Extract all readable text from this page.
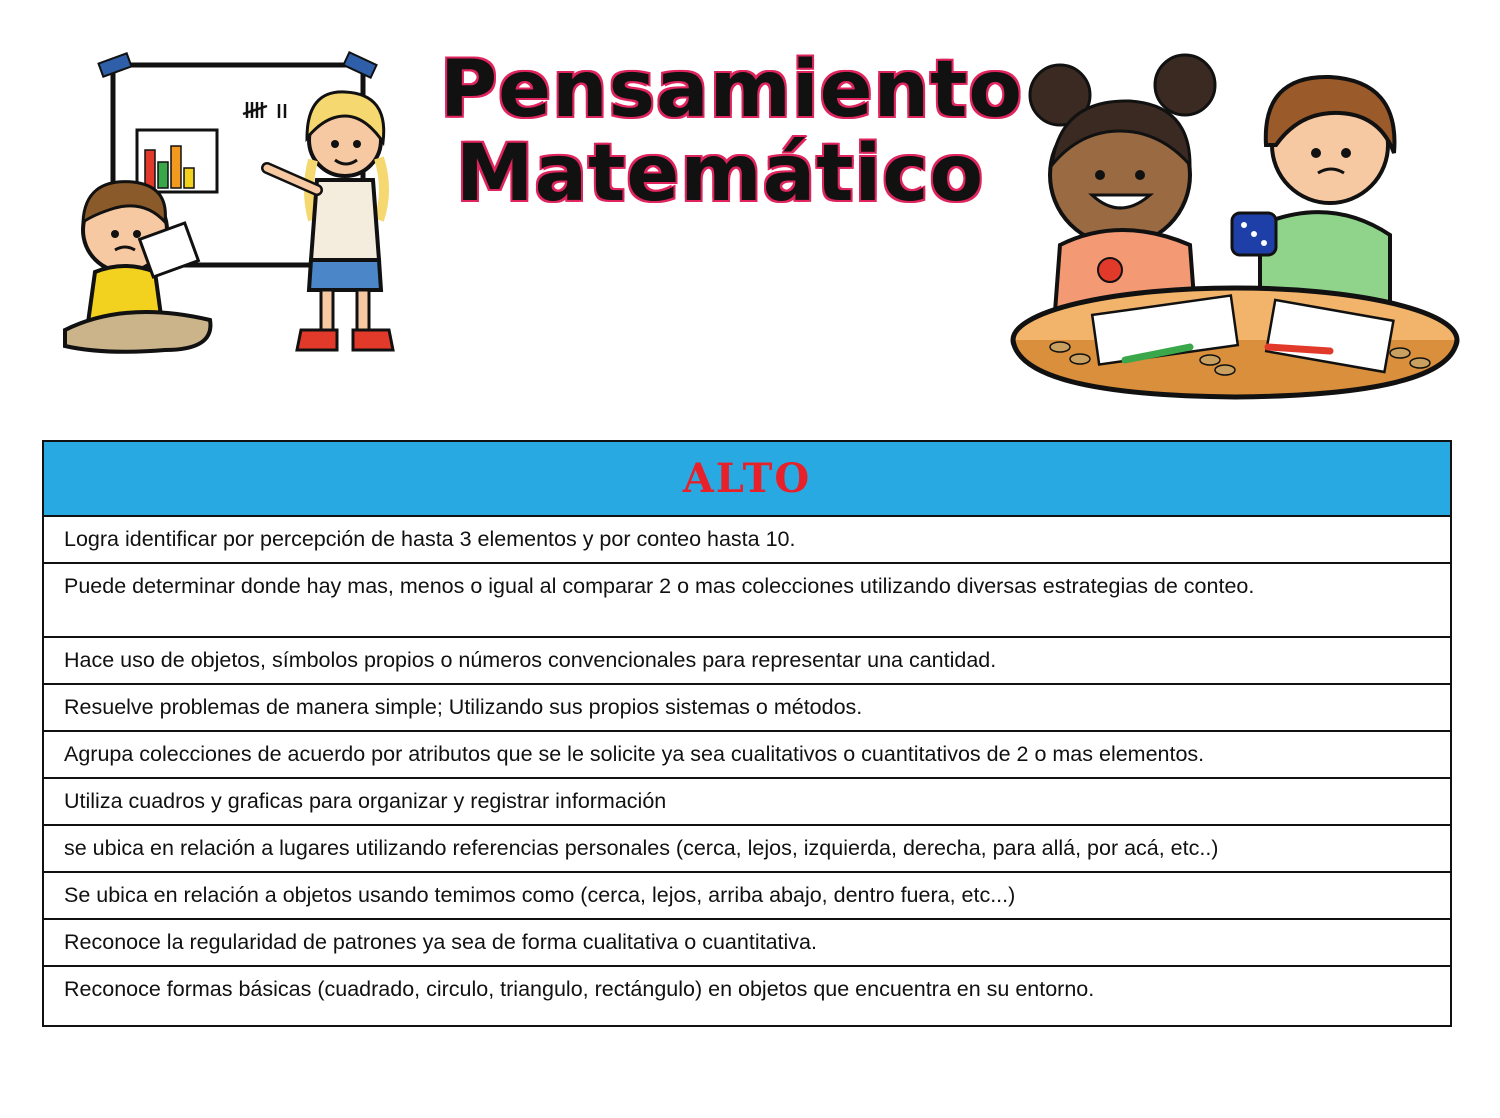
Pensamiento
Matemático
ALTO
Logra identificar por percepción de hasta 3 elementos y por conteo hasta 10.
Puede determinar donde hay mas, menos o igual al comparar 2 o mas colecciones utilizando diversas estrategias de conteo.
Hace uso de objetos, símbolos propios o números convencionales para representar una cantidad.
Resuelve problemas de manera simple; Utilizando sus propios sistemas o métodos.
Agrupa colecciones de acuerdo por atributos que se le solicite ya sea cualitativos o cuantitativos de 2 o mas elementos.
Utiliza cuadros y graficas para organizar y registrar información
se ubica en relación a lugares utilizando referencias personales (cerca, lejos, izquierda, derecha, para allá, por acá, etc..)
Se ubica en relación a objetos usando temimos como (cerca, lejos, arriba abajo, dentro fuera, etc...)
Reconoce la regularidad de patrones ya sea de forma cualitativa o cuantitativa.
Reconoce formas básicas (cuadrado, circulo, triangulo, rectángulo) en objetos que encuentra en su entorno.
